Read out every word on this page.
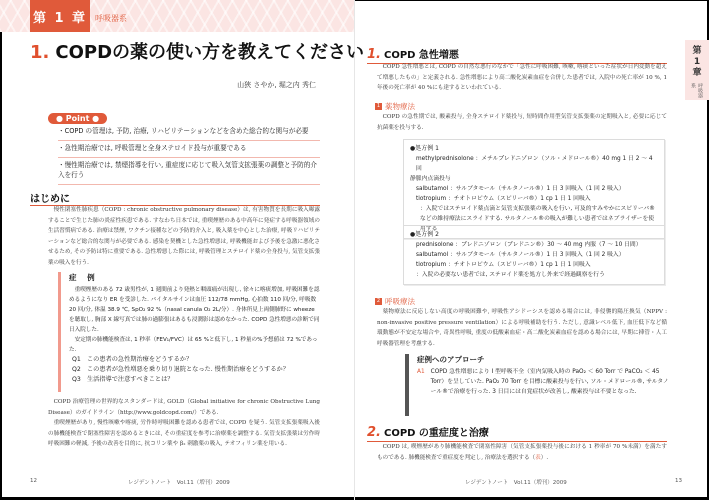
第 1 章 呼吸器系
1. COPDの薬の使い方を教えてください
山狹 さやか, 堀之内 秀仁
● Point ●
・COPD の管理は, 予防, 治療, リハビリテーションなどを含めた総合的な関与が必要
・急性期治療では, 呼吸管理と全身ステロイド投与が重要である
・慢性期治療では, 禁煙指導を行い, 重症度に応じて吸入気管支拡張薬の調整と予防的介入を行う
はじめに
慢性閉塞性肺疾患（COPD : chronic obstructive pulmonary disease）は, 有害物質を長期に吸入曝露することで生じた肺の炎症性疾患である. すなわち日本では, 重喫煙歴のある中高年に発症する呼吸器領域の生活習慣病である. 治療は禁煙, ワクチン接種などの予防的介入と, 吸入薬を中心とした治療, 呼吸リハビリテーションなど総合的な関与が必要である. 感染を契機とした急性増悪は, 呼吸機能および予後を急激に悪化させるため, その予防は特に重要である. 急性増悪した際には, 呼吸管理とステロイド薬の全身投与, 気管支拡張薬の吸入を行う.
症 例
重喫煙歴のある 72 歳男性が, 1 週間前より発熱と咽頭痛が出現し, 徐々に喀痰増加, 呼吸困難を認めるようになり ER を受診した. バイタルサインは血圧 112/78 mmHg, 心拍数 110 回/分, 呼吸数 20 回/分, 体温 38.9 ℃, SpO₂ 92 %（nasal canula O₂ 2L/分）. 身体所見上両側肺野に wheeze を聴取し, 胸部 X 線写真では肺の過膨張はあるも浸潤影は認めなかった. COPD 急性増悪の診断で同日入院した.
安定期の肺機能検査は, 1 秒率（FEV₁/FVC）は 65 %と低下し, 1 秒量の%予想値は 72 %であった.
Q1　この患者の急性期治療をどうするか？
Q2　この患者が急性増悪を乗り切り退院となった. 慢性期治療をどうするか？
Q3　生活指導で注意すべきことは？
COPD 治療管理の世界的なスタンダードは, GOLD（Global initiative for chronic Obstructive Lung Disease）のガイドライン（http://www.goldcopd.com/）である.
重喫煙歴があり, 慢性咳嗽や喀痰, 労作時呼吸困難を認める患者では, COPD を疑う. 気管支拡張薬吸入後の肺機能検査で閉塞性障害を認めるときには, その重症度を参考に治療薬を調整する. 気管支拡張薬は労作時呼吸困難の軽減, 予後の改善を目的に, 抗コリン薬や β₂ 刺激薬の吸入, テオフィリン薬を用いる.
12	レジデントノート　Vol.11（増刊）2009
1. COPD 急性増悪
COPD 急性増悪とは, COPD の自然な悪行のなかで「急性に呼吸困難, 咳嗽, 喀痰といった症状が日内変動を超えて増悪したもの」と定義される. 急性増悪により高二酸化炭素血症を合併した患者では, 入院中の死亡率が 10 %, 1 年後の死亡率が 40 %にも達するといわれている.
1 薬物療法
COPD の急性期では, 酸素投与, 全身ステロイド薬投与, 短時間作用型気管支拡張薬の定期吸入と, 必要に応じて抗菌薬を投与する.
●処方例 1
methylprednisolone ：メチルプレドニゾロン（ソル・メドロール®）40 mg 1 日 2 ～ 4 回
静脈内点滴投与
salbutamol ：サルブタモール（サルタノール®）1 日 3 回吸入（1 回 2 吸入）
tiotropium ：チオトロピウム（スピリーバ®）1 cp 1 日 1 回吸入
：入院ではステロイド薬点滴と気管支拡張薬の吸入を行い, 可及的すみやかにスピリーバ®などの維持療法にスライドする. サルタノール®の吸入が難しい患者ではネブライザーを使用する
●処方例 2
prednisolone ：プレドニゾロン（プレドニン®）30 ～ 40 mg 内服（7 ～ 10 日間）
salbutamol ：サルブタモール（サルタノール®）1 日 3 回吸入（1 回 2 吸入）
tiotropium ：チオトロピウム（スピリーバ®）1 cp 1 日 1 回吸入
：入院の必要ない患者では, ステロイド薬を処方し外来で経過観察を行う
2 呼吸療法
薬物療法に反応しない高度の呼吸困難や, 呼吸性アシドーシスを認める場合には, 非侵襲的陽圧換気（NPPV : non-invasive positive pressure ventilation）による呼吸補助を行う. ただし, 意識レベル低下, 血圧低下など循環動態が不安定な場合や, 奇異性呼吸, 重度の低酸素血症・高二酸化炭素血症を認める場合には, 早期に挿管・人工呼吸器管理を考慮する.
症例へのアプローチ
A1 COPD 急性増悪により I 型呼吸不全（室内気吸入時の PaO₂ ＜ 60 Torr で PaCO₂ ＜ 45 Torr）を呈していた. PaO₂ 70 Torr を目標に酸素投与を行い, ソル・メドロール®, サルタノール®で治療を行った. 3 日目には自覚症状が改善し, 酸素投与は不要となった.
2. COPD の重症度と治療
COPD は, 喫煙歴があり肺機能検査で閉塞性障害（気管支拡張薬投与後における 1 秒率が 70 %未満）を満たすものである. 肺機能検査で重症度を判定し, 治療法を選択する（表）.
第
1
章
呼吸器系
レジデントノート　Vol.11（増刊）2009	13
